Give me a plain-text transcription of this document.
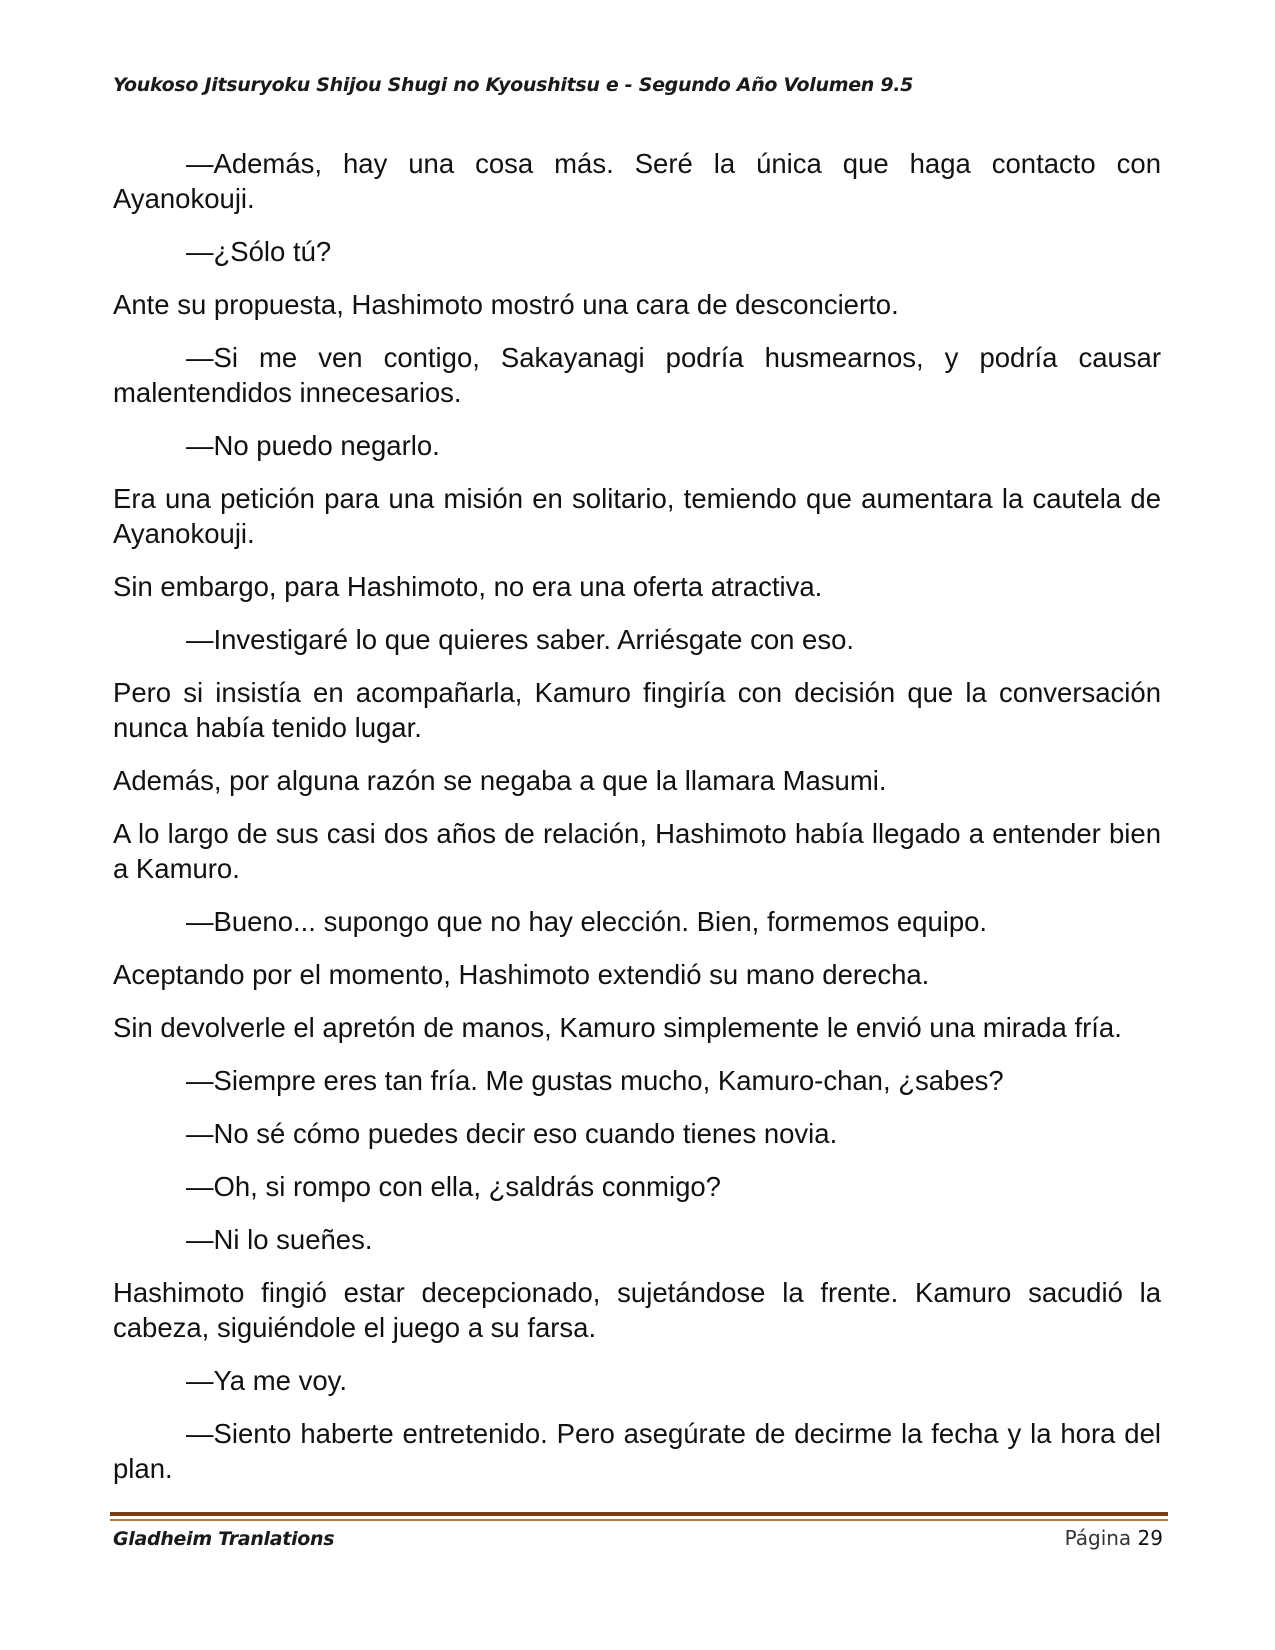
Youkoso Jitsuryoku Shijou Shugi no Kyoushitsu e - Segundo Año Volumen 9.5

—Además, hay una cosa más. Seré la única que haga contacto con Ayanokouji.

—¿Sólo tú?

Ante su propuesta, Hashimoto mostró una cara de desconcierto.

—Si me ven contigo, Sakayanagi podría husmearnos, y podría causar malentendidos innecesarios.

—No puedo negarlo.

Era una petición para una misión en solitario, temiendo que aumentara la cautela de Ayanokouji.

Sin embargo, para Hashimoto, no era una oferta atractiva.

—Investigaré lo que quieres saber. Arriésgate con eso.

Pero si insistía en acompañarla, Kamuro fingiría con decisión que la conversación nunca había tenido lugar.

Además, por alguna razón se negaba a que la llamara Masumi.

A lo largo de sus casi dos años de relación, Hashimoto había llegado a entender bien a Kamuro.

—Bueno... supongo que no hay elección. Bien, formemos equipo.

Aceptando por el momento, Hashimoto extendió su mano derecha.

Sin devolverle el apretón de manos, Kamuro simplemente le envió una mirada fría.

—Siempre eres tan fría. Me gustas mucho, Kamuro-chan, ¿sabes?

—No sé cómo puedes decir eso cuando tienes novia.

—Oh, si rompo con ella, ¿saldrás conmigo?

—Ni lo sueñes.

Hashimoto fingió estar decepcionado, sujetándose la frente. Kamuro sacudió la cabeza, siguiéndole el juego a su farsa.

—Ya me voy.

—Siento haberte entretenido. Pero asegúrate de decirme la fecha y la hora del plan.

Gladheim Tranlations	Página 29
